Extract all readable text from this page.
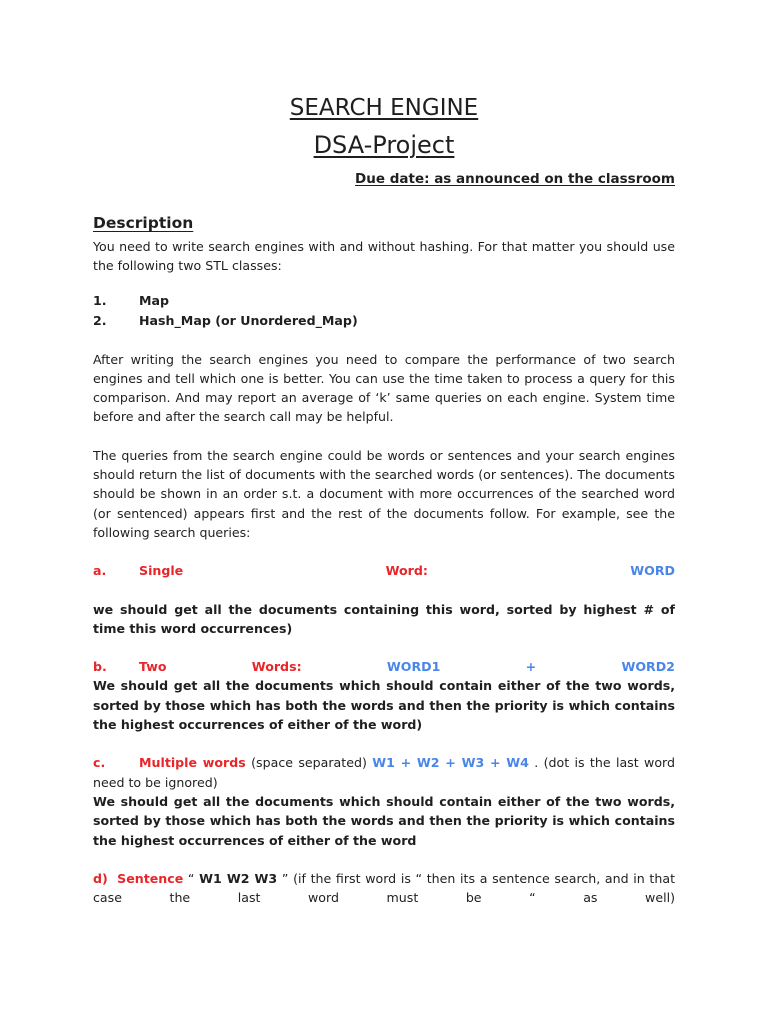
SEARCH ENGINE
DSA-Project
Due date: as announced on the classroom
Description

You need to write search engines with and without hashing. For that matter you should use the following two STL classes:

1.	Map
2.	Hash_Map (or Unordered_Map)

After writing the search engines you need to compare the performance of two search engines and tell which one is better. You can use the time taken to process a query for this comparison. And may report an average of ‘k’ same queries on each engine. System time before and after the search call may be helpful.

The queries from the search engine could be words or sentences and your search engines should return the list of documents with the searched words (or sentences). The documents should be shown in an order s.t. a document with more occurrences of the searched word (or sentenced) appears first and the rest of the documents follow. For example, see the following search queries:

a.	Single	Word:	WORD

we should get all the documents containing this word, sorted by highest # of time this word occurrences)

b.	Two	Words:	WORD1	+	WORD2

We should get all the documents which should contain either of the two words, sorted by those which has both the words and then the priority is which contains the highest occurrences of either of the word)

c.	Multiple words (space separated) W1 + W2 + W3 + W4 . (dot is the last word need to be ignored)

We should get all the documents which should contain either of the two words, sorted by those which has both the words and then the priority is which contains the highest occurrences of either of the word

d) Sentence “ W1 W2 W3 ” (if the first word is “ then its a sentence search, and in that case the last word must be “ as well)
